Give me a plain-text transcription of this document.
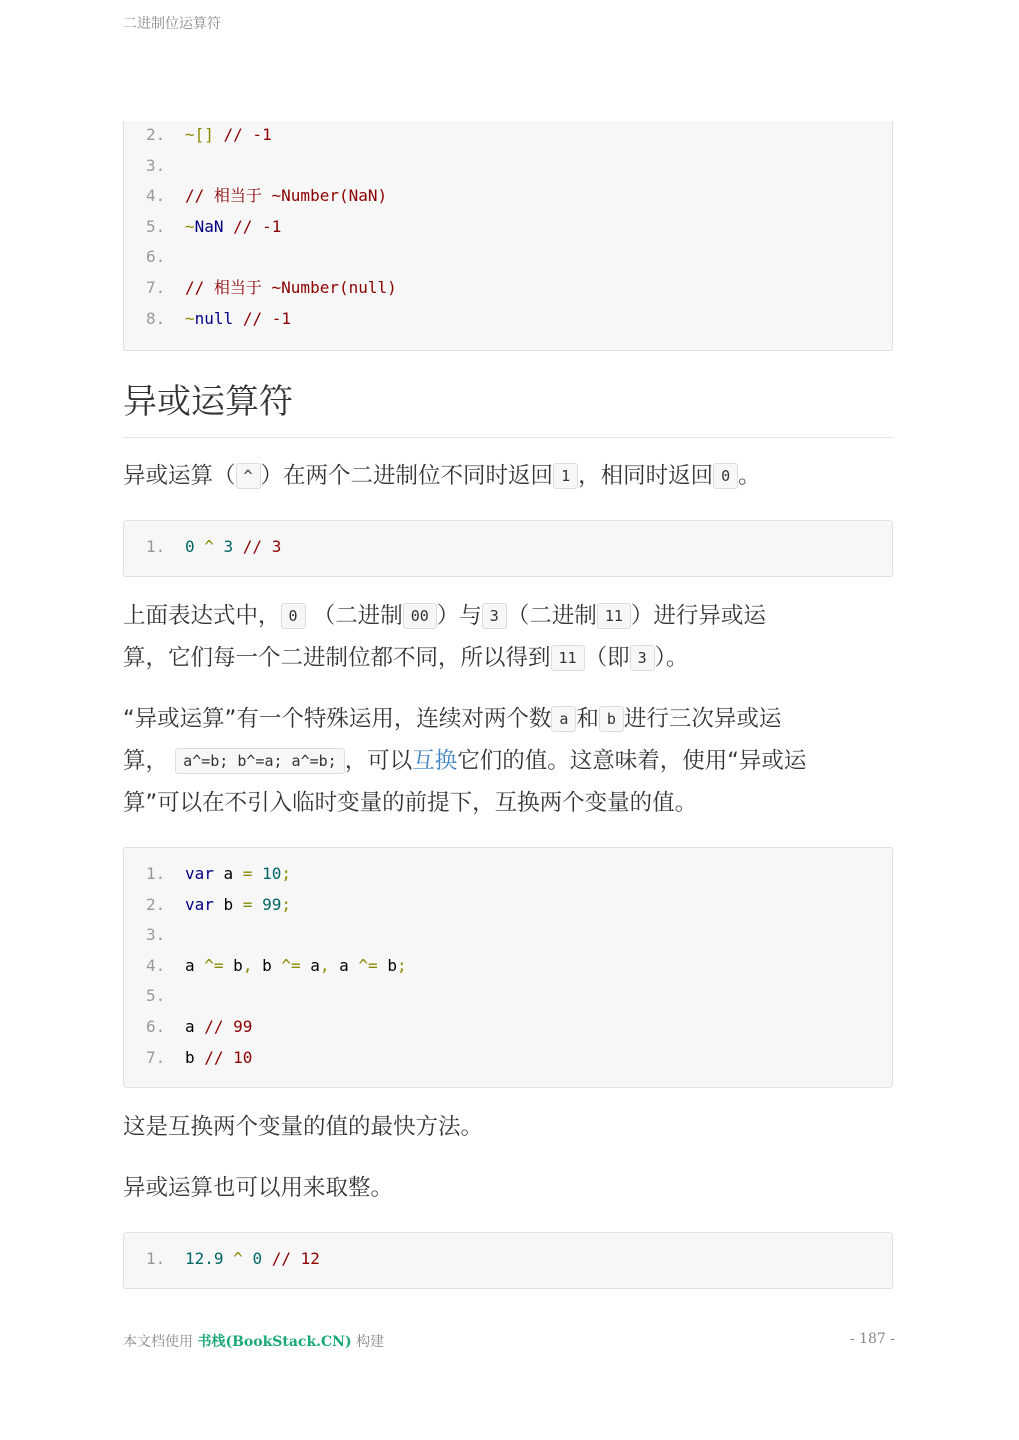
二进制位运算符
2.	~[] // -1
3.
4.	// 相当于 ~Number(NaN)
5.	~NaN // -1
6.
7.	// 相当于 ~Number(null)
8.	~null // -1
异或运算符
异或运算（ ^ ）在两个二进制位不同时返回 1 ，相同时返回 0 。
1.	0 ^ 3 // 3
上面表达式中， 0 （二进制 00 ）与 3 （二进制 11 ）进行异或运
算，它们每一个二进制位都不同，所以得到 11 （即 3 ）。
“异或运算”有一个特殊运用，连续对两个数 a 和 b 进行三次异或运
算， a^=b; b^=a; a^=b; ，可以互换它们的值。这意味着，使用“异或运
算”可以在不引入临时变量的前提下，互换两个变量的值。
1.	var a = 10;
2.	var b = 99;
3.
4.	a ^= b, b ^= a, a ^= b;
5.
6.	a // 99
7.	b // 10
这是互换两个变量的值的最快方法。
异或运算也可以用来取整。
1.	12.9 ^ 0 // 12
本文档使用 书栈(BookStack.CN) 构建	- 187 -
